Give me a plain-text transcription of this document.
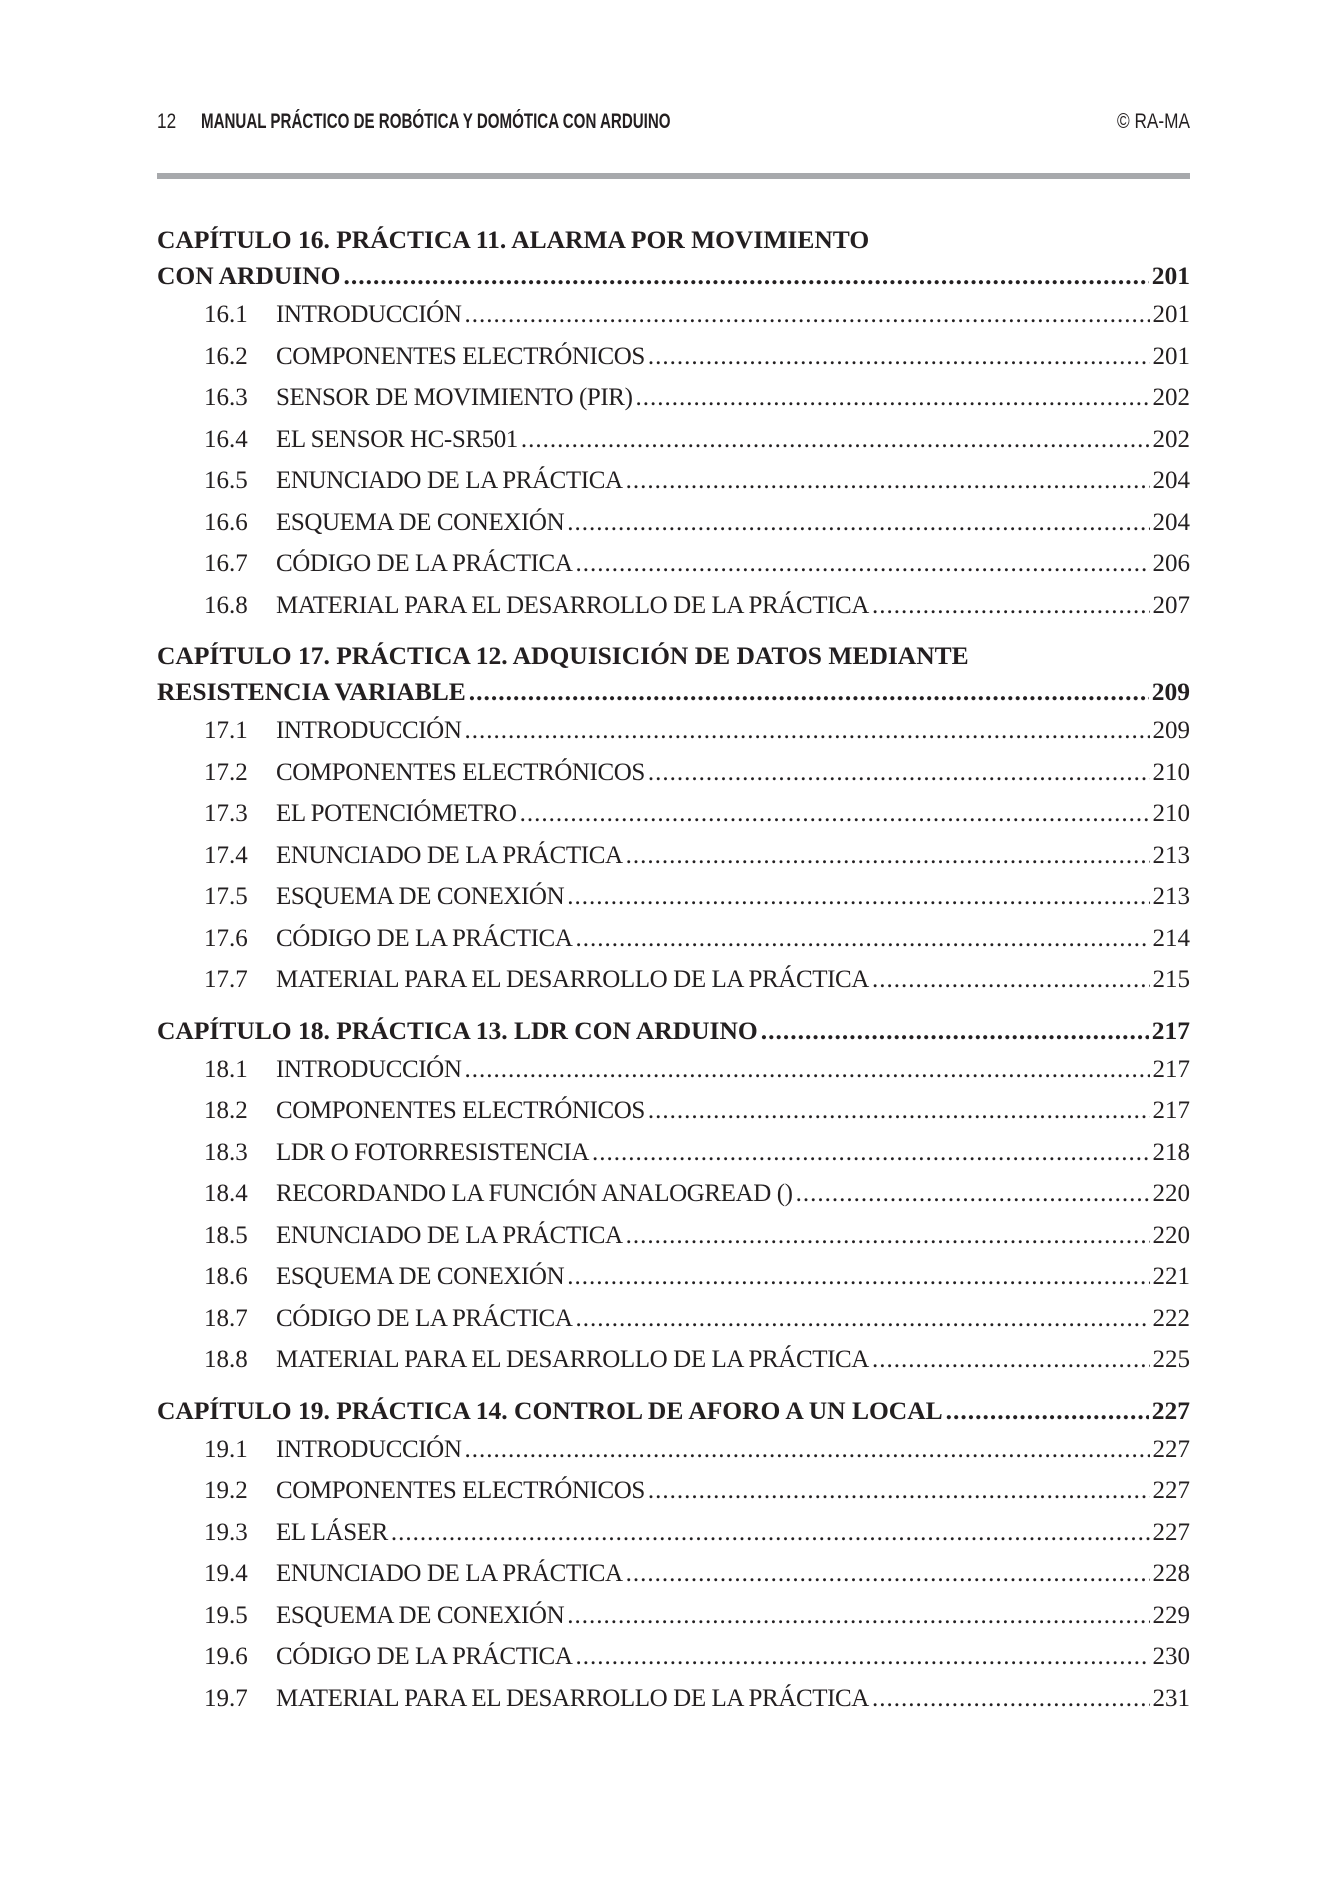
12 MANUAL PRÁCTICO DE ROBÓTICA Y DOMÓTICA CON ARDUINO	© RA-MA
CAPÍTULO 16. PRÁCTICA 11. ALARMA POR MOVIMIENTO
CON ARDUINO .....	201
16.1	INTRODUCCIÓN .....	201
16.2	COMPONENTES ELECTRÓNICOS .....	201
16.3	SENSOR DE MOVIMIENTO (PIR) .....	202
16.4	EL SENSOR HC-SR501 .....	202
16.5	ENUNCIADO DE LA PRÁCTICA .....	204
16.6	ESQUEMA DE CONEXIÓN .....	204
16.7	CÓDIGO DE LA PRÁCTICA .....	206
16.8	MATERIAL PARA EL DESARROLLO DE LA PRÁCTICA .....	207
CAPÍTULO 17. PRÁCTICA 12. ADQUISICIÓN DE DATOS MEDIANTE
RESISTENCIA VARIABLE .....	209
17.1	INTRODUCCIÓN .....	209
17.2	COMPONENTES ELECTRÓNICOS .....	210
17.3	EL POTENCIÓMETRO .....	210
17.4	ENUNCIADO DE LA PRÁCTICA .....	213
17.5	ESQUEMA DE CONEXIÓN .....	213
17.6	CÓDIGO DE LA PRÁCTICA .....	214
17.7	MATERIAL PARA EL DESARROLLO DE LA PRÁCTICA .....	215
CAPÍTULO 18. PRÁCTICA 13. LDR CON ARDUINO .....	217
18.1	INTRODUCCIÓN .....	217
18.2	COMPONENTES ELECTRÓNICOS .....	217
18.3	LDR O FOTORRESISTENCIA .....	218
18.4	RECORDANDO LA FUNCIÓN ANALOGREAD () .....	220
18.5	ENUNCIADO DE LA PRÁCTICA .....	220
18.6	ESQUEMA DE CONEXIÓN .....	221
18.7	CÓDIGO DE LA PRÁCTICA .....	222
18.8	MATERIAL PARA EL DESARROLLO DE LA PRÁCTICA .....	225
CAPÍTULO 19. PRÁCTICA 14. CONTROL DE AFORO A UN LOCAL .....	227
19.1	INTRODUCCIÓN .....	227
19.2	COMPONENTES ELECTRÓNICOS .....	227
19.3	EL LÁSER .....	227
19.4	ENUNCIADO DE LA PRÁCTICA .....	228
19.5	ESQUEMA DE CONEXIÓN .....	229
19.6	CÓDIGO DE LA PRÁCTICA .....	230
19.7	MATERIAL PARA EL DESARROLLO DE LA PRÁCTICA .....	231
